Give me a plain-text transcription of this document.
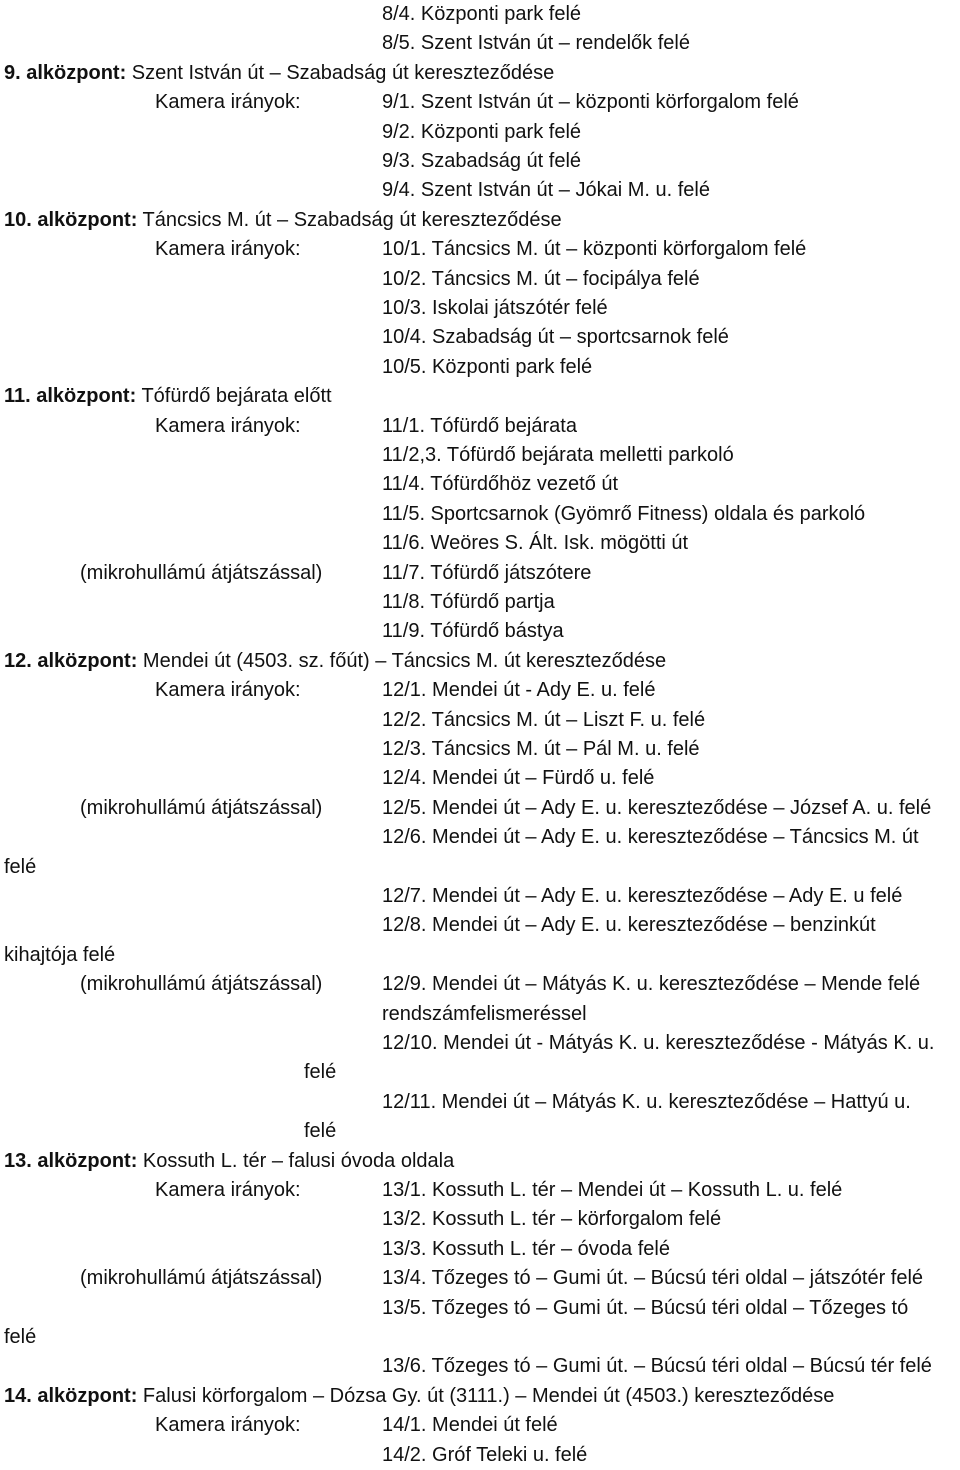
8/4. Központi park felé
8/5. Szent István út – rendelők felé
9. alközpont: Szent István út – Szabadság út kereszteződése
Kamera irányok:	9/1. Szent István út – központi körforgalom felé
9/2. Központi park felé
9/3. Szabadság út felé
9/4. Szent István út – Jókai M. u. felé
10. alközpont: Táncsics M. út – Szabadság út kereszteződése
Kamera irányok:	10/1. Táncsics M. út – központi körforgalom felé
10/2. Táncsics M. út – focipálya felé
10/3. Iskolai játszótér felé
10/4. Szabadság út – sportcsarnok felé
10/5. Központi park felé
11. alközpont: Tófürdő bejárata előtt
Kamera irányok:	11/1. Tófürdő bejárata
11/2,3. Tófürdő bejárata melletti parkoló
11/4. Tófürdőhöz vezető út
11/5. Sportcsarnok (Gyömrő Fitness) oldala és parkoló
11/6. Weöres S. Ált. Isk. mögötti út
(mikrohullámú átjátszással)	11/7. Tófürdő játszótere
11/8. Tófürdő partja
11/9. Tófürdő bástya
12. alközpont: Mendei út (4503. sz. főút) – Táncsics M. út kereszteződése
Kamera irányok:	12/1. Mendei út - Ady E. u. felé
12/2. Táncsics M. út – Liszt F. u. felé
12/3. Táncsics M. út – Pál M. u. felé
12/4. Mendei út – Fürdő u. felé
(mikrohullámú átjátszással)	12/5. Mendei út – Ady E. u. kereszteződése – József A. u. felé
12/6. Mendei út – Ady E. u. kereszteződése – Táncsics M. út
felé
12/7. Mendei út – Ady E. u. kereszteződése – Ady E. u felé
12/8. Mendei út – Ady E. u. kereszteződése – benzinkút
kihajtója felé
(mikrohullámú átjátszással)	12/9. Mendei út – Mátyás K. u. kereszteződése – Mende felé
rendszámfelismeréssel
12/10. Mendei út - Mátyás K. u. kereszteződése - Mátyás K. u.
felé
12/11. Mendei út – Mátyás K. u. kereszteződése – Hattyú u.
felé
13. alközpont: Kossuth L. tér – falusi óvoda oldala
Kamera irányok:	13/1. Kossuth L. tér – Mendei út – Kossuth L. u. felé
13/2. Kossuth L. tér – körforgalom felé
13/3. Kossuth L. tér – óvoda felé
(mikrohullámú átjátszással)	13/4. Tőzeges tó – Gumi út. – Búcsú téri oldal – játszótér felé
13/5. Tőzeges tó – Gumi út. – Búcsú téri oldal – Tőzeges tó
felé
13/6. Tőzeges tó – Gumi út. – Búcsú téri oldal – Búcsú tér felé
14. alközpont: Falusi körforgalom – Dózsa Gy. út (3111.) – Mendei út (4503.) kereszteződése
Kamera irányok:	14/1. Mendei út felé
14/2. Gróf Teleki u. felé
